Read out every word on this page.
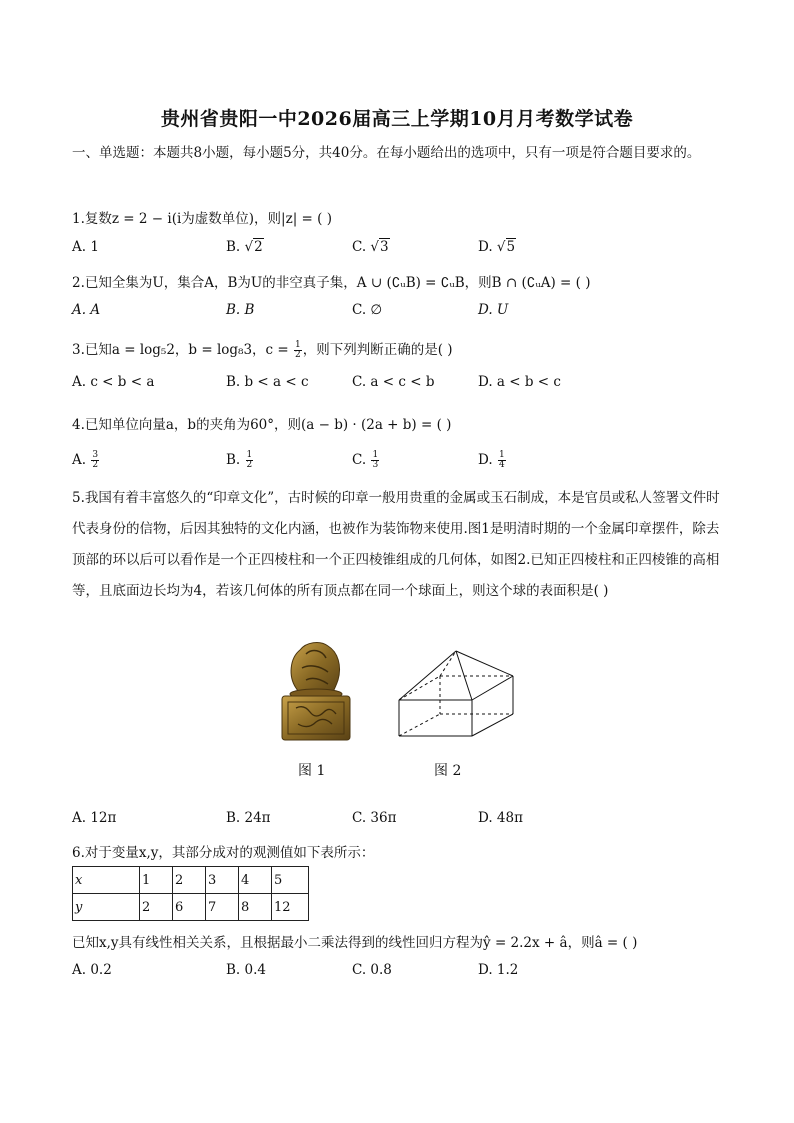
贵州省贵阳一中2026届高三上学期10月月考数学试卷
一、单选题：本题共8小题，每小题5分，共40分。在每小题给出的选项中，只有一项是符合题目要求的。
1.复数z = 2 − i(i为虚数单位)，则|z| = ( )
A. 1	B. √2	C. √3	D. √5
2.已知全集为U，集合A，B为U的非空真子集，A ∪ (∁ᵤB) = ∁ᵤB，则B ∩ (∁ᵤA) = ( )
A. A	B. B	C. ∅	D. U
3.已知a = log₅2，b = log₈3，$c = \frac{1}{2}$ ，则下列判断正确的是( )
A. c < b < a	B. b < a < c	C. a < c < b	D. a < b < c
4.已知单位向量a，b的夹角为60°，则(a − b) · (2a + b) = ( )
A. $\frac{3}{2}$	B. $\frac{1}{2}$	C. $\frac{1}{3}$	D. $\frac{1}{4}$
5.我国有着丰富悠久的“印章文化”，古时候的印章一般用贵重的金属或玉石制成，本是官员或私人签署文件时代表身份的信物，后因其独特的文化内涵，也被作为装饰物来使用.图1是明清时期的一个金属印章摆件，除去顶部的环以后可以看作是一个正四棱柱和一个正四棱锥组成的几何体，如图2.已知正四棱柱和正四棱锥的高相等，且底面边长均为4，若该几何体的所有顶点都在同一个球面上，则这个球的表面积是( )
图 1	图 2
A. 12π	B. 24π	C. 36π	D. 48π
6.对于变量x,y，其部分成对的观测值如下表所示：
x	1	2	3	4	5
y	2	6	7	8	12
已知x,y具有线性相关关系，且根据最小二乘法得到的线性回归方程为ŷ = 2.2x + â，则â = ( )
A. 0.2	B. 0.4	C. 0.8	D. 1.2
